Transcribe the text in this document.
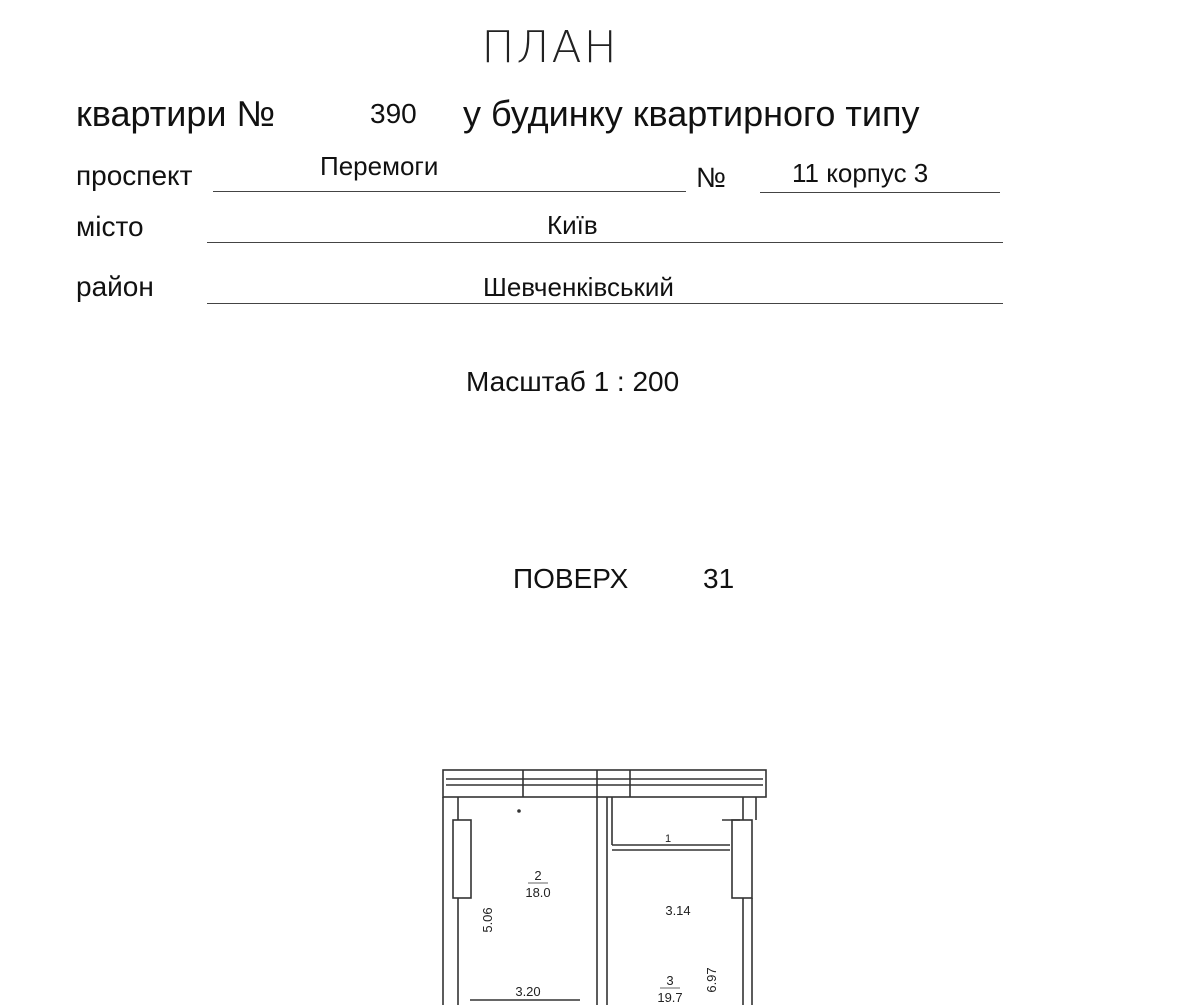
ПЛАН
квартири №	390 у будинку квартирного типу
проспект	Перемоги	№	11 корпус 3
місто	Київ
район	Шевченківський
Масштаб 1 : 200
ПОВЕРХ	31
2
18.0
3.20
5.06	3.14
3
19.7
6.97
1
